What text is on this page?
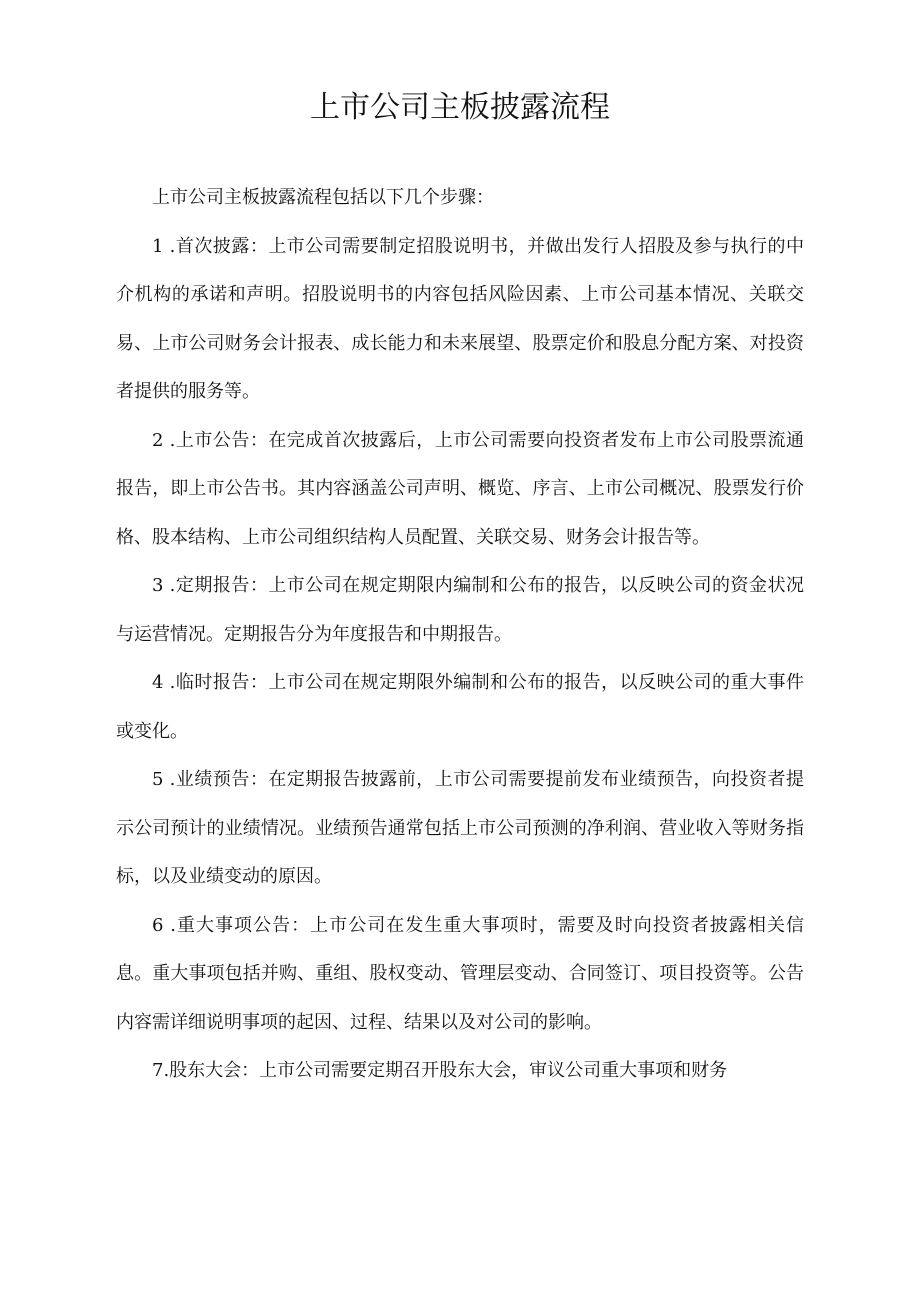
上市公司主板披露流程

上市公司主板披露流程包括以下几个步骤：

1 .首次披露：上市公司需要制定招股说明书，并做出发行人招股及参与执行的中介机构的承诺和声明。招股说明书的内容包括风险因素、上市公司基本情况、关联交易、上市公司财务会计报表、成长能力和未来展望、股票定价和股息分配方案、对投资者提供的服务等。

2 .上市公告：在完成首次披露后，上市公司需要向投资者发布上市公司股票流通报告，即上市公告书。其内容涵盖公司声明、概览、序言、上市公司概况、股票发行价格、股本结构、上市公司组织结构人员配置、关联交易、财务会计报告等。

3 .定期报告：上市公司在规定期限内编制和公布的报告，以反映公司的资金状况与运营情况。定期报告分为年度报告和中期报告。

4 .临时报告：上市公司在规定期限外编制和公布的报告，以反映公司的重大事件或变化。

5 .业绩预告：在定期报告披露前，上市公司需要提前发布业绩预告，向投资者提示公司预计的业绩情况。业绩预告通常包括上市公司预测的净利润、营业收入等财务指标，以及业绩变动的原因。

6 .重大事项公告：上市公司在发生重大事项时，需要及时向投资者披露相关信息。重大事项包括并购、重组、股权变动、管理层变动、合同签订、项目投资等。公告内容需详细说明事项的起因、过程、结果以及对公司的影响。

7.股东大会：上市公司需要定期召开股东大会，审议公司重大事项和财务
